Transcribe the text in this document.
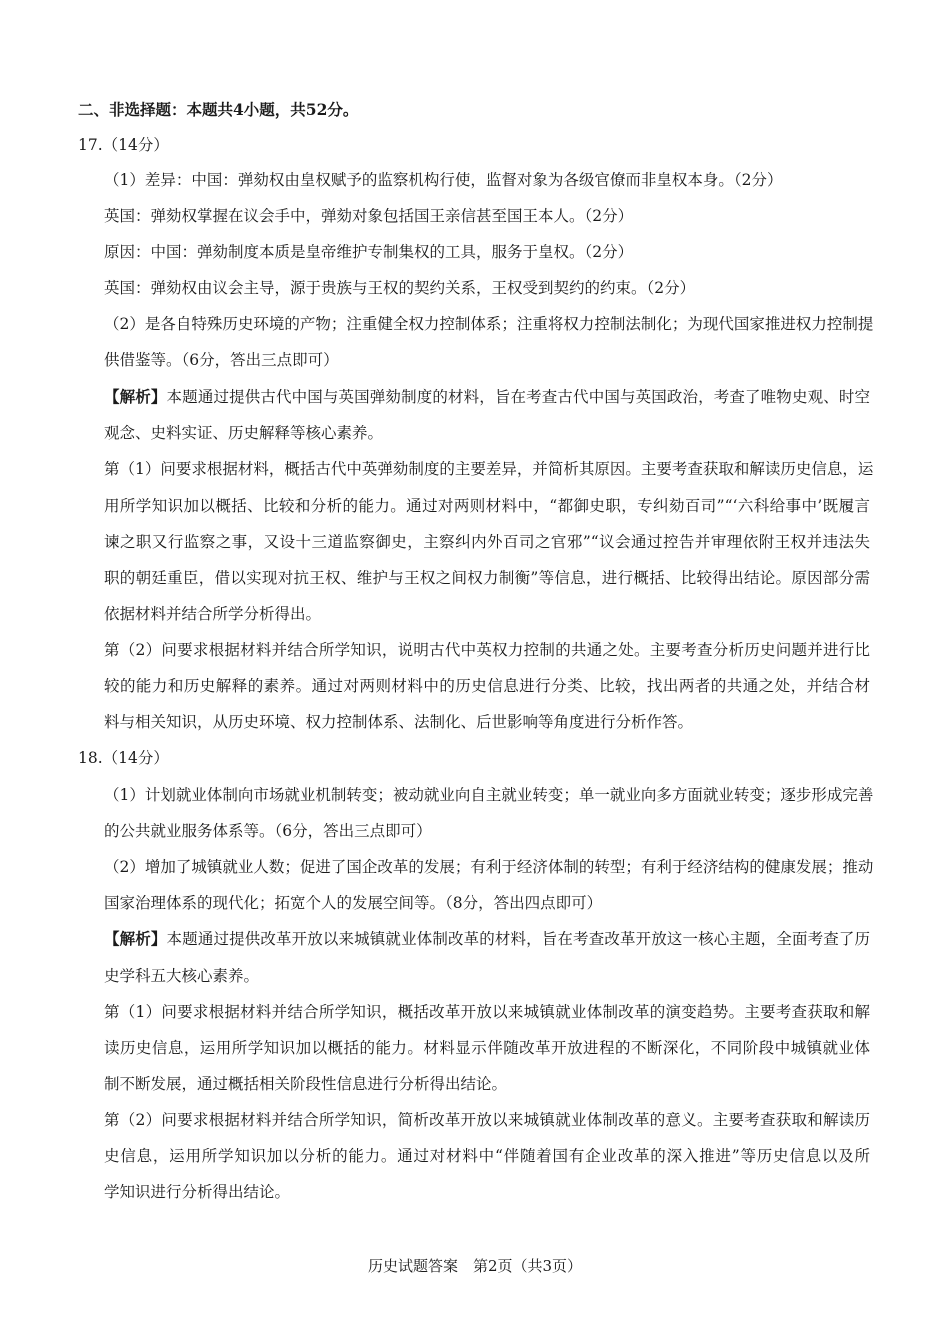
二、非选择题：本题共4小题，共52分。
17.（14分）
（1）差异：中国：弹劾权由皇权赋予的监察机构行使，监督对象为各级官僚而非皇权本身。（2分）
英国：弹劾权掌握在议会手中，弹劾对象包括国王亲信甚至国王本人。（2分）
原因：中国：弹劾制度本质是皇帝维护专制集权的工具，服务于皇权。（2分）
英国：弹劾权由议会主导，源于贵族与王权的契约关系，王权受到契约的约束。（2分）
（2）是各自特殊历史环境的产物；注重健全权力控制体系；注重将权力控制法制化；为现代国家推进权力控制提
供借鉴等。（6分，答出三点即可）
【解析】本题通过提供古代中国与英国弹劾制度的材料，旨在考查古代中国与英国政治，考查了唯物史观、时空
观念、史料实证、历史解释等核心素养。
第（1）问要求根据材料，概括古代中英弹劾制度的主要差异，并简析其原因。主要考查获取和解读历史信息，运
用所学知识加以概括、比较和分析的能力。通过对两则材料中，“都御史职，专纠劾百司”“‘六科给事中’既履言
谏之职又行监察之事，又设十三道监察御史，主察纠内外百司之官邪”“议会通过控告并审理依附王权并违法失
职的朝廷重臣，借以实现对抗王权、维护与王权之间权力制衡”等信息，进行概括、比较得出结论。原因部分需
依据材料并结合所学分析得出。
第（2）问要求根据材料并结合所学知识，说明古代中英权力控制的共通之处。主要考查分析历史问题并进行比
较的能力和历史解释的素养。通过对两则材料中的历史信息进行分类、比较，找出两者的共通之处，并结合材
料与相关知识，从历史环境、权力控制体系、法制化、后世影响等角度进行分析作答。
18.（14分）
（1）计划就业体制向市场就业机制转变；被动就业向自主就业转变；单一就业向多方面就业转变；逐步形成完善
的公共就业服务体系等。（6分，答出三点即可）
（2）增加了城镇就业人数；促进了国企改革的发展；有利于经济体制的转型；有利于经济结构的健康发展；推动
国家治理体系的现代化；拓宽个人的发展空间等。（8分，答出四点即可）
【解析】本题通过提供改革开放以来城镇就业体制改革的材料，旨在考查改革开放这一核心主题，全面考查了历
史学科五大核心素养。
第（1）问要求根据材料并结合所学知识，概括改革开放以来城镇就业体制改革的演变趋势。主要考查获取和解
读历史信息，运用所学知识加以概括的能力。材料显示伴随改革开放进程的不断深化，不同阶段中城镇就业体
制不断发展，通过概括相关阶段性信息进行分析得出结论。
第（2）问要求根据材料并结合所学知识，简析改革开放以来城镇就业体制改革的意义。主要考查获取和解读历
史信息，运用所学知识加以分析的能力。通过对材料中“伴随着国有企业改革的深入推进”等历史信息以及所
学知识进行分析得出结论。
历史试题答案　第2页（共3页）
